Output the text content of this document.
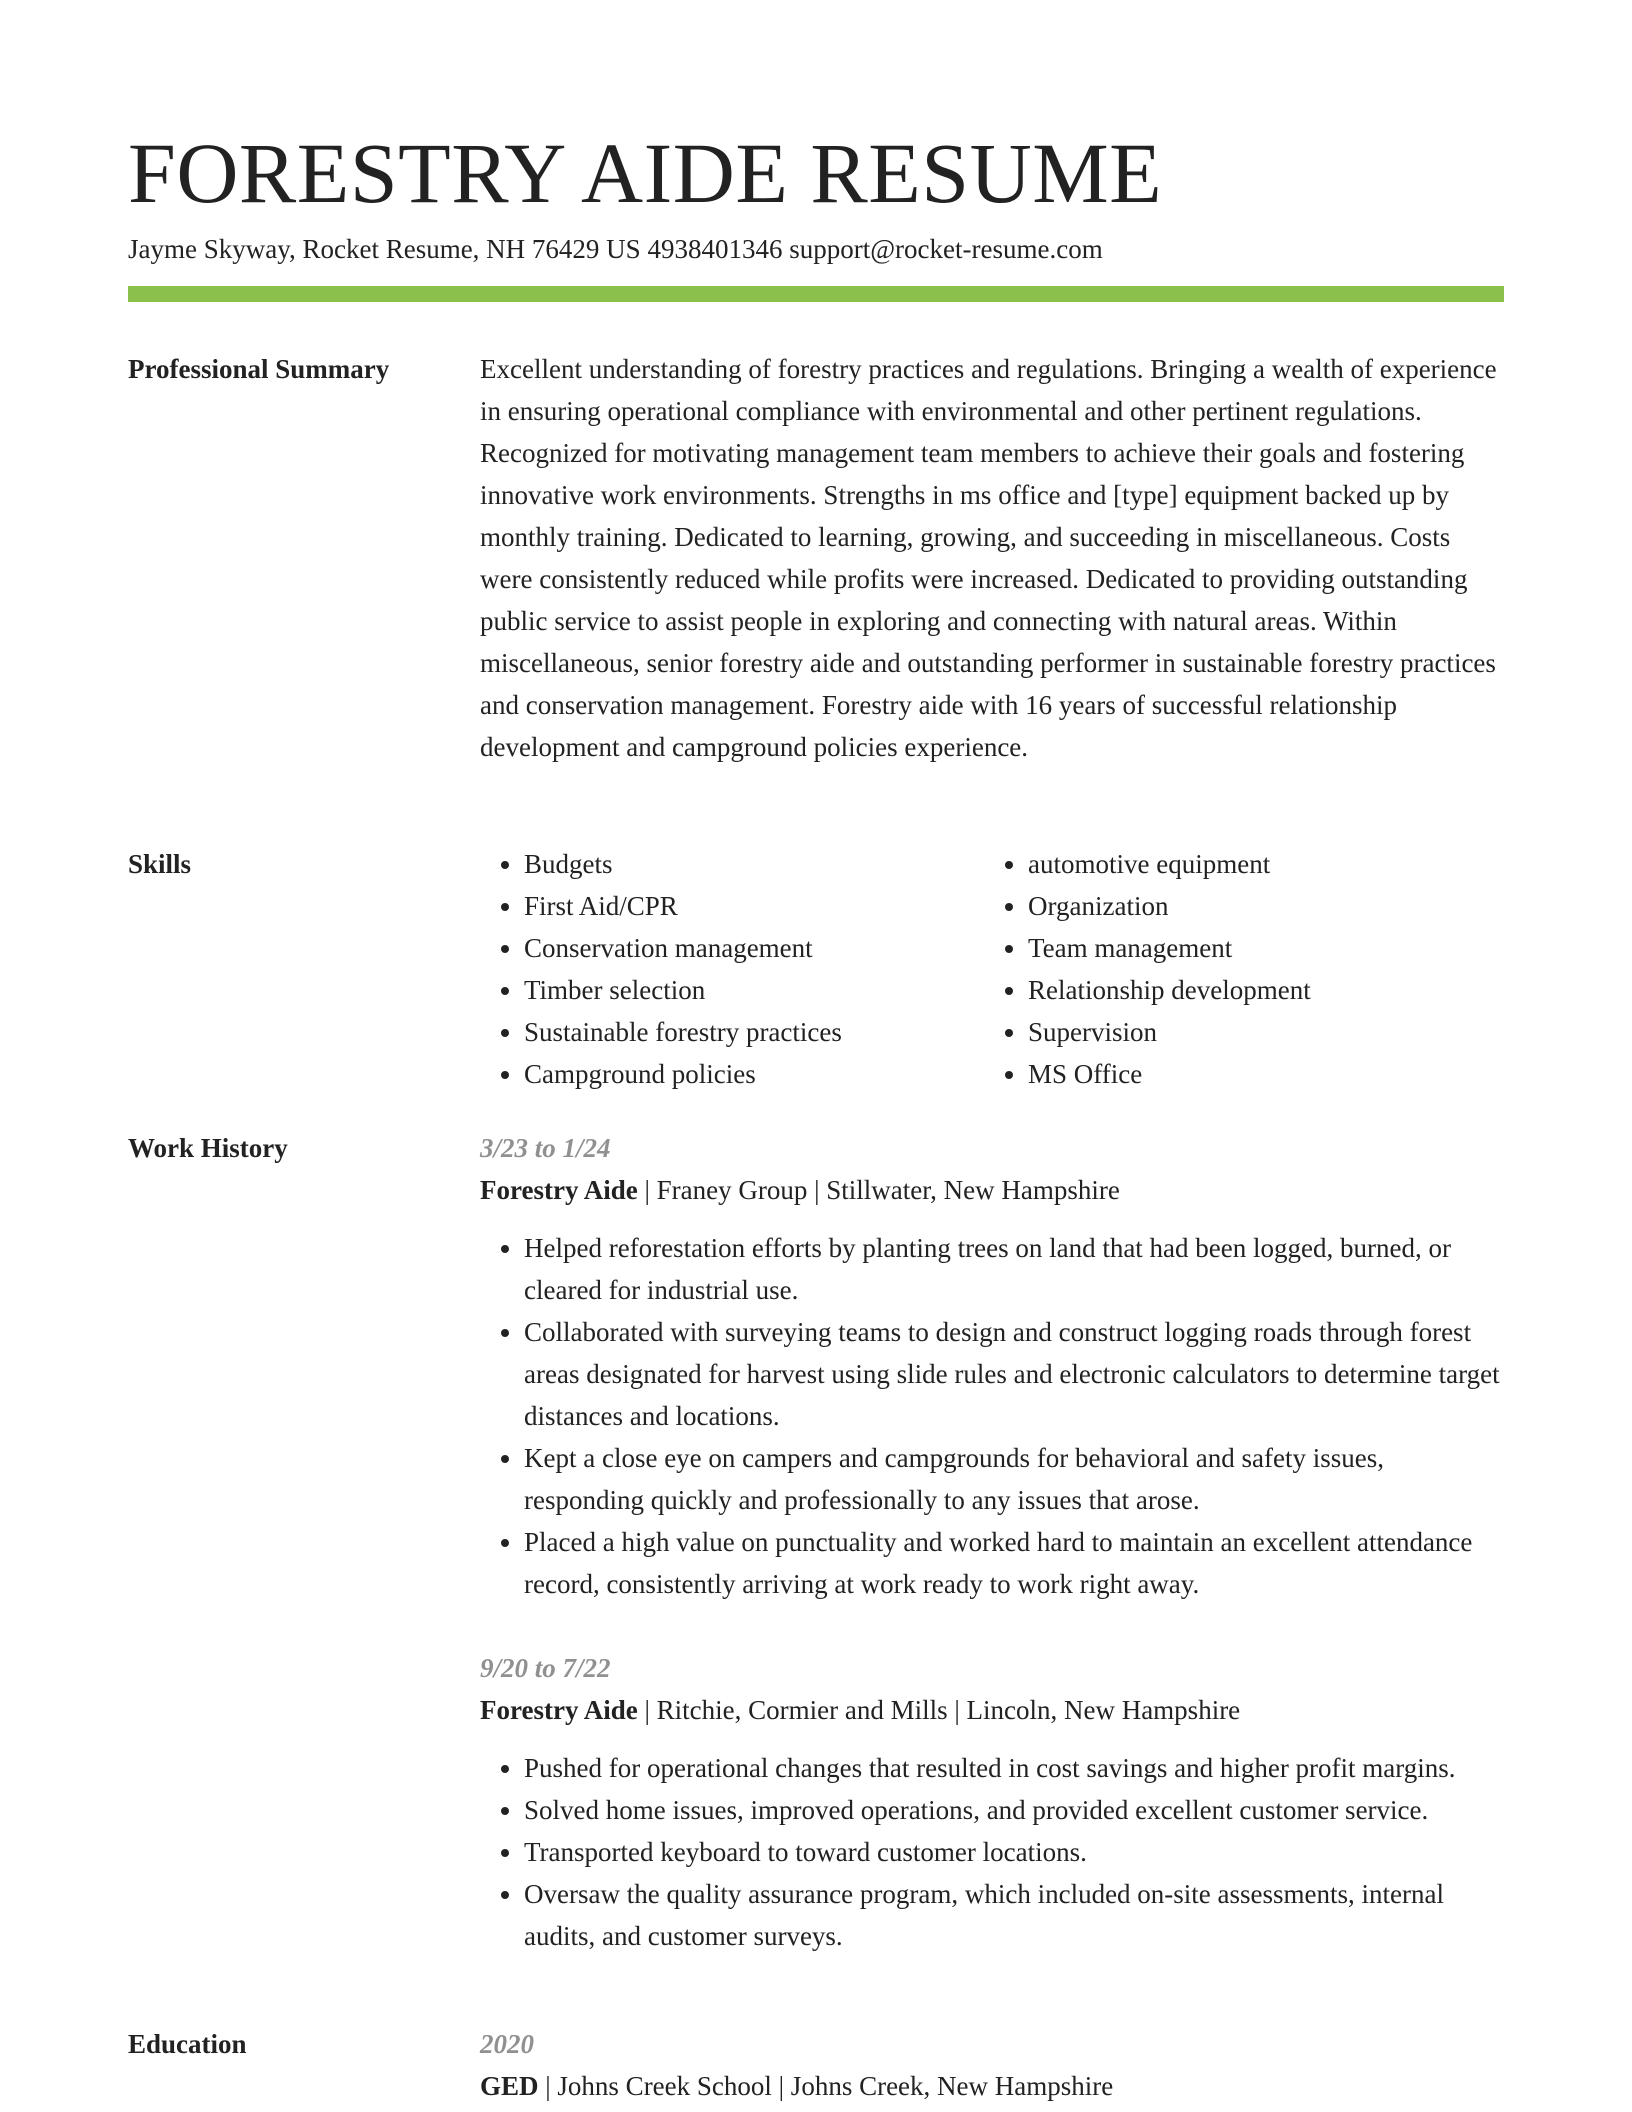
FORESTRY AIDE RESUME
Jayme Skyway, Rocket Resume, NH 76429 US 4938401346 support@rocket-resume.com
Professional Summary	Excellent understanding of forestry practices and regulations. Bringing a wealth of experience in ensuring operational compliance with environmental and other pertinent regulations. Recognized for motivating management team members to achieve their goals and fostering innovative work environments. Strengths in ms office and [type] equipment backed up by monthly training. Dedicated to learning, growing, and succeeding in miscellaneous. Costs were consistently reduced while profits were increased. Dedicated to providing outstanding public service to assist people in exploring and connecting with natural areas. Within miscellaneous, senior forestry aide and outstanding performer in sustainable forestry practices and conservation management. Forestry aide with 16 years of successful relationship development and campground policies experience.

Skills
•	Budgets
• First Aid/CPR
• Conservation management
• Timber selection
• Sustainable forestry practices
• Campground policies
• automotive equipment
• Organization
• Team management
• Relationship development
• Supervision
• MS Office
Work History	3/23 to 1/24
Forestry Aide | Franey Group | Stillwater, New Hampshire
• Helped reforestation efforts by planting trees on land that had been logged, burned, or cleared for industrial use.
• Collaborated with surveying teams to design and construct logging roads through forest areas designated for harvest using slide rules and electronic calculators to determine target distances and locations.
• Kept a close eye on campers and campgrounds for behavioral and safety issues, responding quickly and professionally to any issues that arose.
• Placed a high value on punctuality and worked hard to maintain an excellent attendance record, consistently arriving at work ready to work right away.
9/20 to 7/22
Forestry Aide | Ritchie, Cormier and Mills | Lincoln, New Hampshire
• Pushed for operational changes that resulted in cost savings and higher profit margins.
• Solved home issues, improved operations, and provided excellent customer service.
• Transported keyboard to toward customer locations.
• Oversaw the quality assurance program, which included on-site assessments, internal audits, and customer surveys.
Education	2020
GED | Johns Creek School | Johns Creek, New Hampshire
